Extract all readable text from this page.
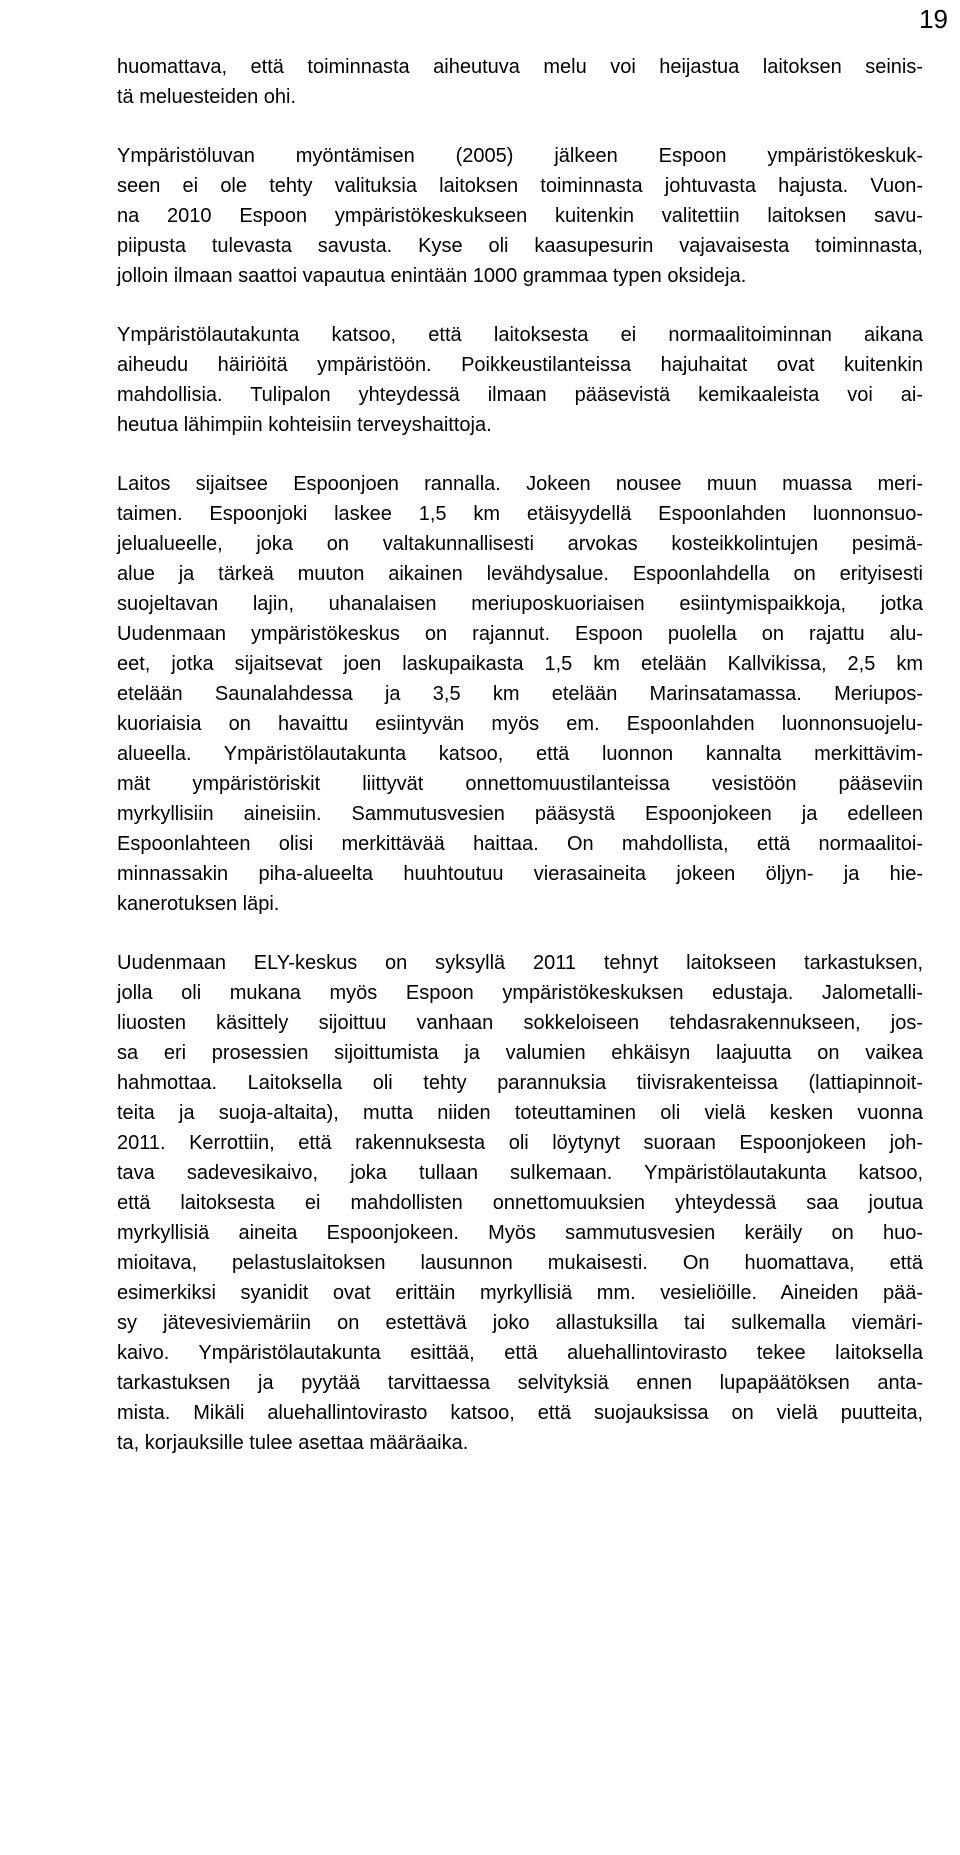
19
huomattava, että toiminnasta aiheutuva melu voi heijastua laitoksen seinis-
tä meluesteiden ohi.
Ympäristöluvan myöntämisen (2005) jälkeen Espoon ympäristökeskuk-
seen ei ole tehty valituksia laitoksen toiminnasta johtuvasta hajusta. Vuon-
na 2010 Espoon ympäristökeskukseen kuitenkin valitettiin laitoksen savu-
piipusta tulevasta savusta. Kyse oli kaasupesurin vajavaisesta toiminnasta,
jolloin ilmaan saattoi vapautua enintään 1000 grammaa typen oksideja.
Ympäristölautakunta katsoo, että laitoksesta ei normaalitoiminnan aikana
aiheudu häiriöitä ympäristöön. Poikkeustilanteissa hajuhaitat ovat kuitenkin
mahdollisia. Tulipalon yhteydessä ilmaan pääsevistä kemikaaleista voi ai-
heutua lähimpiin kohteisiin terveyshaittoja.
Laitos sijaitsee Espoonjoen rannalla. Jokeen nousee muun muassa meri-
taimen. Espoonjoki laskee 1,5 km etäisyydellä Espoonlahden luonnonsuo-
jelualueelle, joka on valtakunnallisesti arvokas kosteikkolintujen pesimä-
alue ja tärkeä muuton aikainen levähdysalue. Espoonlahdella on erityisesti
suojeltavan lajin, uhanalaisen meriuposkuoriaisen esiintymispaikkoja, jotka
Uudenmaan ympäristökeskus on rajannut. Espoon puolella on rajattu alu-
eet, jotka sijaitsevat joen laskupaikasta 1,5 km etelään Kallvikissa, 2,5 km
etelään Saunalahdessa ja 3,5 km etelään Marinsatamassa. Meriupos-
kuoriaisia on havaittu esiintyvän myös em. Espoonlahden luonnonsuojelu-
alueella. Ympäristölautakunta katsoo, että luonnon kannalta merkittävim-
mät ympäristöriskit liittyvät onnettomuustilanteissa vesistöön pääseviin
myrkyllisiin aineisiin. Sammutusvesien pääsystä Espoonjokeen ja edelleen
Espoonlahteen olisi merkittävää haittaa. On mahdollista, että normaalitoi-
minnassakin piha-alueelta huuhtoutuu vierasaineita jokeen öljyn- ja hie-
kanerotuksen läpi.
Uudenmaan ELY-keskus on syksyllä 2011 tehnyt laitokseen tarkastuksen,
jolla oli mukana myös Espoon ympäristökeskuksen edustaja. Jalometalli-
liuosten käsittely sijoittuu vanhaan sokkeloiseen tehdasrakennukseen, jos-
sa eri prosessien sijoittumista ja valumien ehkäisyn laajuutta on vaikea
hahmottaa. Laitoksella oli tehty parannuksia tiivisrakenteissa (lattiapinnoit-
teita ja suoja-altaita), mutta niiden toteuttaminen oli vielä kesken vuonna
2011. Kerrottiin, että rakennuksesta oli löytynyt suoraan Espoonjokeen joh-
tava sadevesikaivo, joka tullaan sulkemaan. Ympäristölautakunta katsoo,
että laitoksesta ei mahdollisten onnettomuuksien yhteydessä saa joutua
myrkyllisiä aineita Espoonjokeen. Myös sammutusvesien keräily on huo-
mioitava, pelastuslaitoksen lausunnon mukaisesti. On huomattava, että
esimerkiksi syanidit ovat erittäin myrkyllisiä mm. vesieliöille. Aineiden pää-
sy jätevesiviemäriin on estettävä joko allastuksilla tai sulkemalla viemäri-
kaivo. Ympäristölautakunta esittää, että aluehallintovirasto tekee laitoksella
tarkastuksen ja pyytää tarvittaessa selvityksiä ennen lupapäätöksen anta-
mista. Mikäli aluehallintovirasto katsoo, että suojauksissa on vielä puutteita,
ta, korjauksille tulee asettaa määräaika.
